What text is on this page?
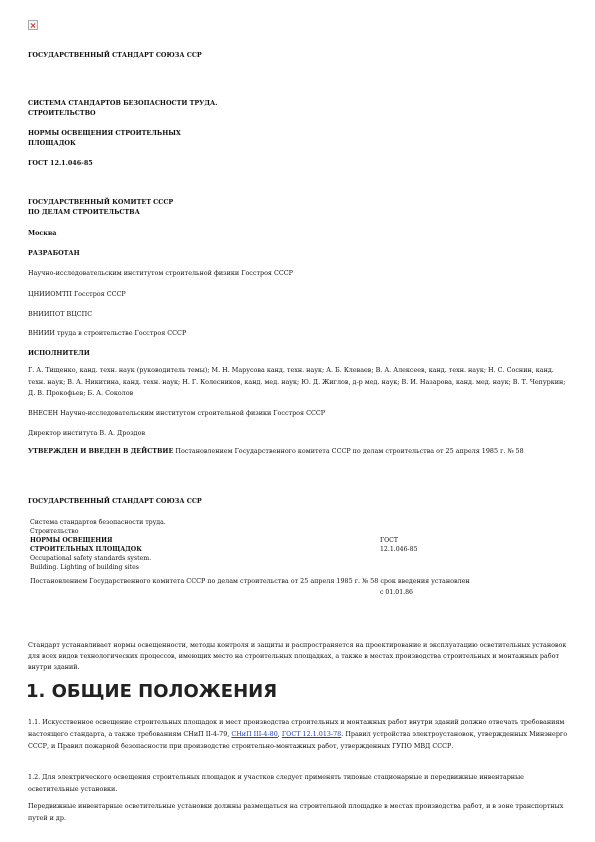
ГОСУДАРСТВЕННЫЙ СТАНДАРТ СОЮЗА ССР
СИСТЕМА СТАНДАРТОВ БЕЗОПАСНОСТИ ТРУДА.
СТРОИТЕЛЬСТВО
НОРМЫ ОСВЕЩЕНИЯ СТРОИТЕЛЬНЫХ
ПЛОЩАДОК
ГОСТ 12.1.046-85
ГОСУДАРСТВЕННЫЙ КОМИТЕТ СССР
ПО ДЕЛАМ СТРОИТЕЛЬСТВА
Москва
РАЗРАБОТАН
Научно-исследовательским институтом строительной физики Госстроя СССР
ЦНИИОМТП Госстроя СССР
ВНИИПОТ ВЦСПС
ВНИИИ труда в строительстве Госстроя СССР
ИСПОЛНИТЕЛИ
Г. А. Тищенко, канд. техн. наук (руководитель темы); М. Н. Марусова канд. техн. наук; А. Б. Клеваев; В. А. Алексеев, канд. техн. наук; Н. С. Соснин, канд. техн. наук; В. А. Никитина, канд. техн. наук; Н. Г. Колесников, канд. мед. наук; Ю. Д. Жиглов, д-р мед. наук; В. И. Назарова, канд. мед. наук; В. Т. Чепуркин; Д. В. Прокофьев; Б. А. Соколов
ВНЕСЕН Научно-исследовательским институтом строительной физики Госстроя СССР
Директор института В. А. Дроздов
УТВЕРЖДЕН И ВВЕДЕН В ДЕЙСТВИЕ Постановлением Государственного комитета СССР по делам строительства от 25 апреля 1985 г. № 58
ГОСУДАРСТВЕННЫЙ СТАНДАРТ СОЮЗА ССР
Система стандартов безопасности труда.
Строительство
НОРМЫ ОСВЕЩЕНИЯ	ГОСТ
СТРОИТЕЛЬНЫХ ПЛОЩАДОК	12.1.046-85
Occupational safety standards system.
Building. Lighting of building sites
Постановлением Государственного комитета СССР по делам строительства от 25 апреля 1985 г. № 58 срок введения установлен
с 01.01.86
Стандарт устанавливает нормы освещенности, методы контроля и защиты и распространяется на проектирование и эксплуатацию осветительных установок для всех видов технологических процессов, имеющих место на строительных площадках, а также в местах производства строительных и монтажных работ внутри зданий.
1. ОБЩИЕ ПОЛОЖЕНИЯ
1.1. Искусственное освещение строительных площадок и мест производства строительных и монтажных работ внутри зданий должно отвечать требованиям настоящего стандарта, а также требованиям СНиП II-4-79, СНиП III-4-80, ГОСТ 12.1.013-78. Правил устройства электроустановок, утвержденных Минэнерго СССР, и Правил пожарной безопасности при производстве строительно-монтажных работ, утвержденных ГУПО МВД СССР.
1.2. Для электрического освещения строительных площадок и участков следует применять типовые стационарные и передвижные инвентарные осветительные установки.
Передвижные инвентарные осветительные установки должны размещаться на строительной площадке в местах производства работ, и в зоне транспортных путей и др.
